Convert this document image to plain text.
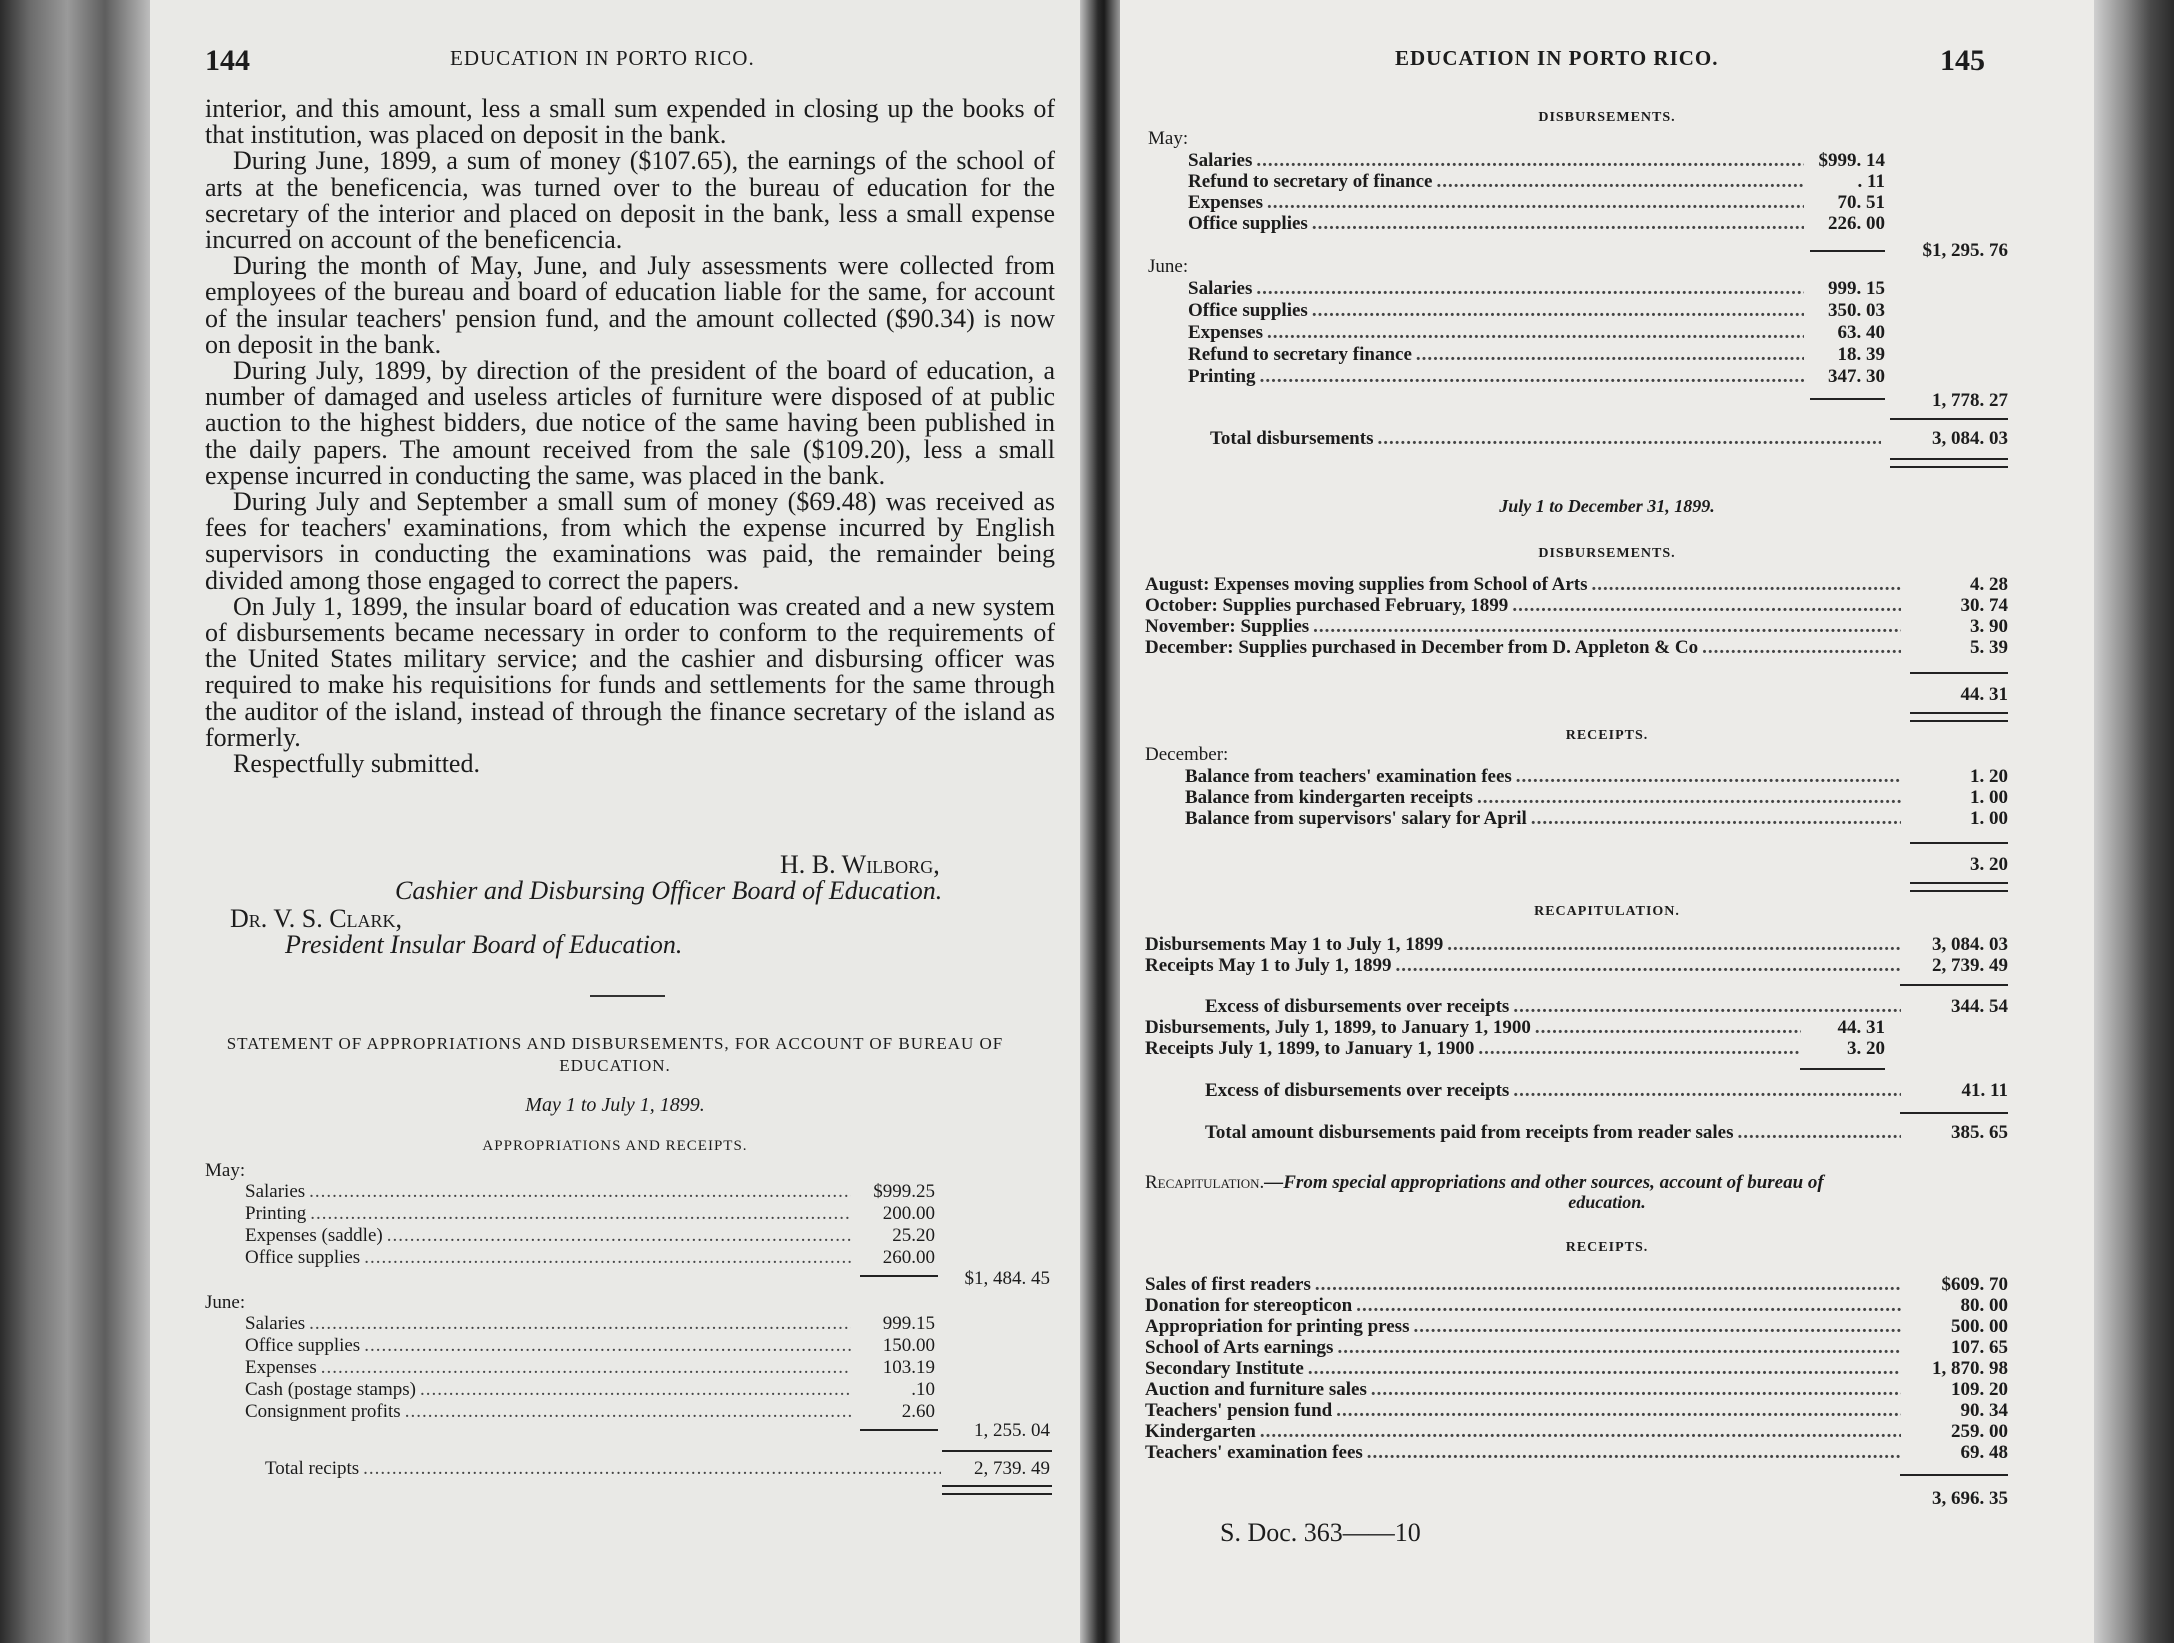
144	EDUCATION IN PORTO RICO.

interior, and this amount, less a small sum expended in closing up the books of that institution, was placed on deposit in the bank.

During June, 1899, a sum of money ($107.65), the earnings of the school of arts at the beneficencia, was turned over to the bureau of education for the secretary of the interior and placed on deposit in the bank, less a small expense incurred on account of the beneficencia.

During the month of May, June, and July assessments were collected from employees of the bureau and board of education liable for the same, for account of the insular teachers' pension fund, and the amount collected ($90.34) is now on deposit in the bank.

During July, 1899, by direction of the president of the board of education, a number of damaged and useless articles of furniture were disposed of at public auction to the highest bidders, due notice of the same having been published in the daily papers. The amount received from the sale ($109.20), less a small expense incurred in conducting the same, was placed in the bank.

During July and September a small sum of money ($69.48) was received as fees for teachers' examinations, from which the expense incurred by English supervisors in conducting the examinations was paid, the remainder being divided among those engaged to correct the papers.

On July 1, 1899, the insular board of education was created and a new system of disbursements became necessary in order to conform to the requirements of the United States military service; and the cashier and disbursing officer was required to make his requisitions for funds and settlements for the same through the auditor of the island, instead of through the finance secretary of the island as formerly.

Respectfully submitted.

H. B. Wilborg,
Cashier and Disbursing Officer Board of Education.
Dr. V. S. Clark,
President Insular Board of Education.
STATEMENT OF APPROPRIATIONS AND DISBURSEMENTS, FOR ACCOUNT OF BUREAU OF
EDUCATION.
May 1 to July 1, 1899.
APPROPRIATIONS AND RECEIPTS.
May:
Salaries .....	$999.25
Printing .....	200.00
Expenses (saddle) .....	25.20
Office supplies .....	260.00
$1, 484. 45
June:
Salaries .....	999.15
Office supplies .....	150.00
Expenses .....	103.19
Cash (postage stamps) .....	.10
Consignment profits .....	2.60
1, 255. 04
Total recipts .....	2, 739. 49
EDUCATION IN PORTO RICO.	145
DISBURSEMENTS.
May:
Salaries .....	$999. 14
Refund to secretary of finance .....	. 11
Expenses .....	70. 51
Office supplies .....	226. 00
$1, 295. 76
June:
Salaries .....	999. 15
Office supplies .....	350. 03
Expenses .....	63. 40
Refund to secretary finance .....	18. 39
Printing .....	347. 30
1, 778. 27
Total disbursements .....	3, 084. 03
July 1 to December 31, 1899.
DISBURSEMENTS.
August: Expenses moving supplies from School of Arts .....	4. 28
October: Supplies purchased February, 1899 .....	30. 74
November: Supplies .....	3. 90
December: Supplies purchased in December from D. Appleton & Co .....	5. 39
44. 31
RECEIPTS.
December:
Balance from teachers' examination fees .....	1. 20
Balance from kindergarten receipts .....	1. 00
Balance from supervisors' salary for April .....	1. 00
3. 20
RECAPITULATION.
Disbursements May 1 to July 1, 1899 .....	3, 084. 03
Receipts May 1 to July 1, 1899 .....	2, 739. 49
Excess of disbursements over receipts .....	344. 54
Disbursements, July 1, 1899, to January 1, 1900 .....	44. 31
Receipts July 1, 1899, to January 1, 1900 .....	3. 20
Excess of disbursements over receipts .....	41. 11
Total amount disbursements paid from receipts from reader sales .....	385. 65
Recapitulation.—From special appropriations and other sources, account of bureau of
education.
RECEIPTS.
Sales of first readers .....	$609. 70
Donation for stereopticon .....	80. 00
Appropriation for printing press .....	500. 00
School of Arts earnings .....	107. 65
Secondary Institute .....	1, 870. 98
Auction and furniture sales .....	109. 20
Teachers' pension fund .....	90. 34
Kindergarten .....	259. 00
Teachers' examination fees .....	69. 48
3, 696. 35
S. Doc. 363——10
